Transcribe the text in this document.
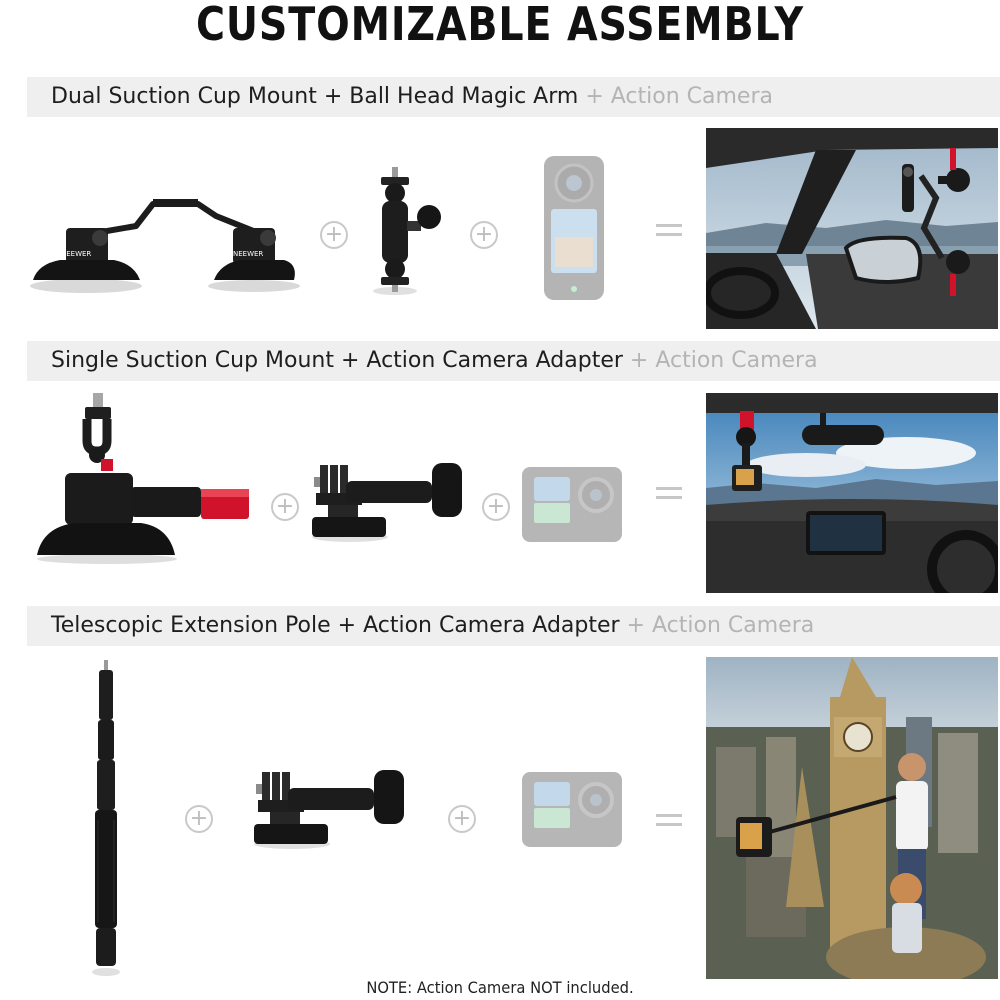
CUSTOMIZABLE ASSEMBLY
Dual Suction Cup Mount + Ball Head Magic Arm + Action Camera
NEEWER	NEEWER
+	+
Single Suction Cup Mount + Action Camera Adapter + Action Camera
+	+
Telescopic Extension Pole + Action Camera Adapter + Action Camera
+	+
NOTE: Action Camera NOT included.
